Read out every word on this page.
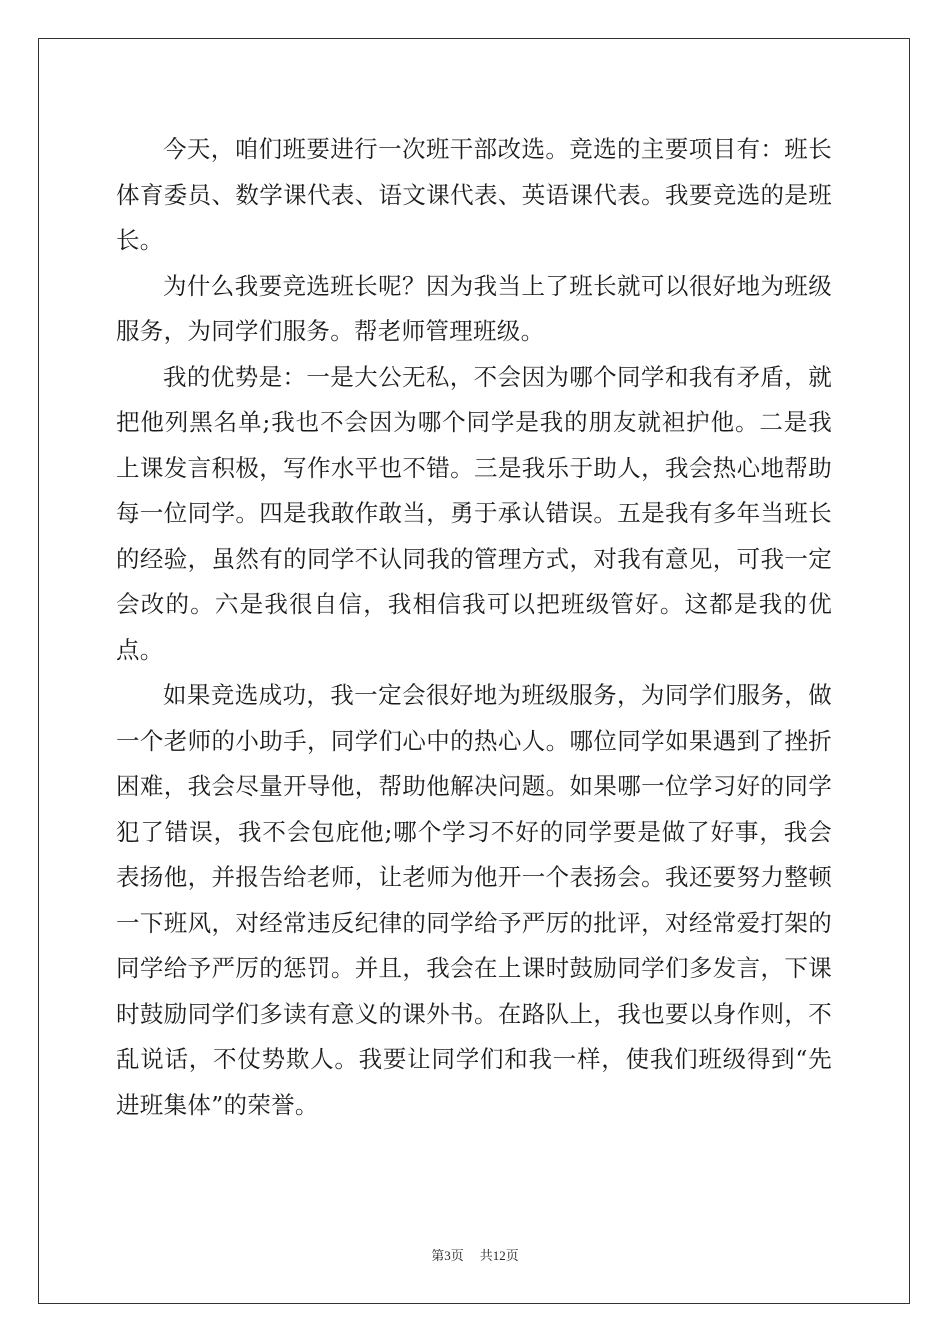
今天，咱们班要进行一次班干部改选。竞选的主要项目有：班长体育委员、数学课代表、语文课代表、英语课代表。我要竞选的是班长。

为什么我要竞选班长呢？因为我当上了班长就可以很好地为班级服务，为同学们服务。帮老师管理班级。

我的优势是：一是大公无私，不会因为哪个同学和我有矛盾，就把他列黑名单;我也不会因为哪个同学是我的朋友就袒护他。二是我上课发言积极，写作水平也不错。三是我乐于助人，我会热心地帮助每一位同学。四是我敢作敢当，勇于承认错误。五是我有多年当班长的经验，虽然有的同学不认同我的管理方式，对我有意见，可我一定会改的。六是我很自信，我相信我可以把班级管好。这都是我的优点。

如果竞选成功，我一定会很好地为班级服务，为同学们服务，做一个老师的小助手，同学们心中的热心人。哪位同学如果遇到了挫折困难，我会尽量开导他，帮助他解决问题。如果哪一位学习好的同学犯了错误，我不会包庇他;哪个学习不好的同学要是做了好事，我会表扬他，并报告给老师，让老师为他开一个表扬会。我还要努力整顿一下班风，对经常违反纪律的同学给予严厉的批评，对经常爱打架的同学给予严厉的惩罚。并且，我会在上课时鼓励同学们多发言，下课时鼓励同学们多读有意义的课外书。在路队上，我也要以身作则，不乱说话，不仗势欺人。我要让同学们和我一样，使我们班级得到“先进班集体”的荣誉。

第3页 共12页
